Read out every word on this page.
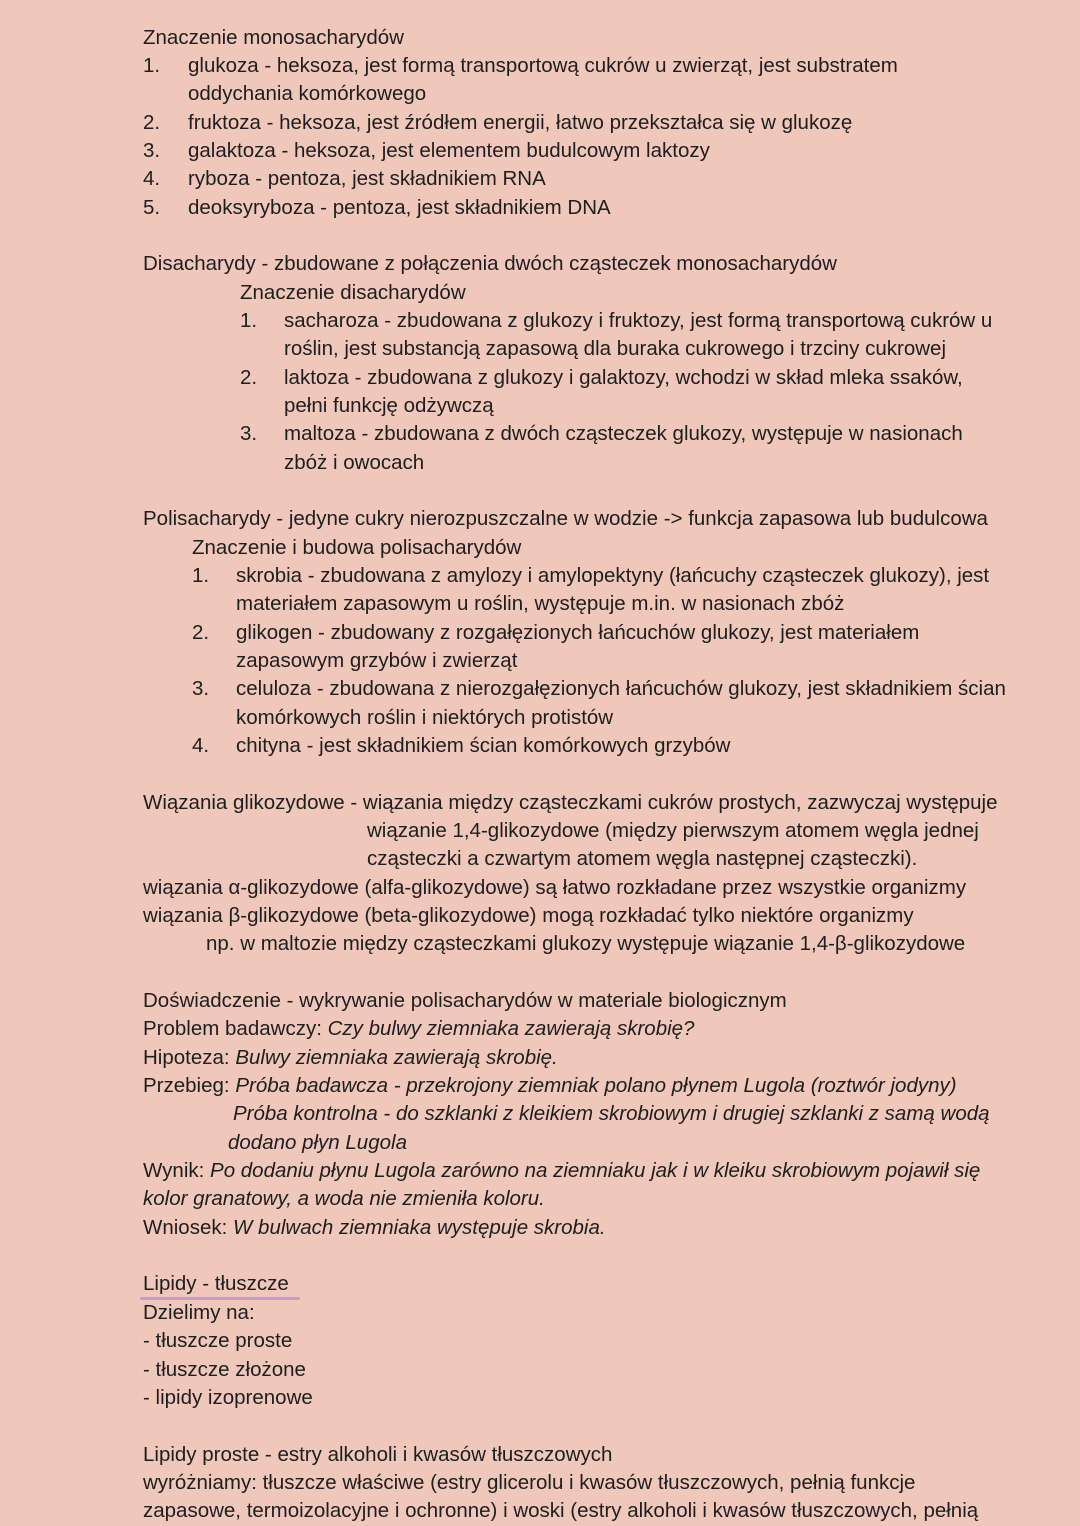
Znaczenie monosacharydów
1. glukoza - heksoza, jest formą transportową cukrów u zwierząt, jest substratem
oddychania komórkowego
2. fruktoza - heksoza, jest źródłem energii, łatwo przekształca się w glukozę
3. galaktoza - heksoza, jest elementem budulcowym laktozy
4. ryboza - pentoza, jest składnikiem RNA
5. deoksyryboza - pentoza, jest składnikiem DNA
Disacharydy - zbudowane z połączenia dwóch cząsteczek monosacharydów
Znaczenie disacharydów
1. sacharoza - zbudowana z glukozy i fruktozy, jest formą transportową cukrów u
roślin, jest substancją zapasową dla buraka cukrowego i trzciny cukrowej
2. laktoza - zbudowana z glukozy i galaktozy, wchodzi w skład mleka ssaków,
pełni funkcję odżywczą
3. maltoza - zbudowana z dwóch cząsteczek glukozy, występuje w nasionach
zbóż i owocach
Polisacharydy - jedyne cukry nierozpuszczalne w wodzie -> funkcja zapasowa lub budulcowa
Znaczenie i budowa polisacharydów
1. skrobia - zbudowana z amylozy i amylopektyny (łańcuchy cząsteczek glukozy), jest
materiałem zapasowym u roślin, występuje m.in. w nasionach zbóż
2. glikogen - zbudowany z rozgałęzionych łańcuchów glukozy, jest materiałem
zapasowym grzybów i zwierząt
3. celuloza - zbudowana z nierozgałęzionych łańcuchów glukozy, jest składnikiem ścian
komórkowych roślin i niektórych protistów
4. chityna - jest składnikiem ścian komórkowych grzybów
Wiązania glikozydowe - wiązania między cząsteczkami cukrów prostych, zazwyczaj występuje
wiązanie 1,4-glikozydowe (między pierwszym atomem węgla jednej
cząsteczki a czwartym atomem węgla następnej cząsteczki).
wiązania α-glikozydowe (alfa-glikozydowe) są łatwo rozkładane przez wszystkie organizmy
wiązania β-glikozydowe (beta-glikozydowe) mogą rozkładać tylko niektóre organizmy
np. w maltozie między cząsteczkami glukozy występuje wiązanie 1,4-β-glikozydowe
Doświadczenie - wykrywanie polisacharydów w materiale biologicznym
Problem badawczy: Czy bulwy ziemniaka zawierają skrobię?
Hipoteza: Bulwy ziemniaka zawierają skrobię.
Przebieg: Próba badawcza - przekrojony ziemniak polano płynem Lugola (roztwór jodyny)
Próba kontrolna - do szklanki z kleikiem skrobiowym i drugiej szklanki z samą wodą
dodano płyn Lugola
Wynik: Po dodaniu płynu Lugola zarówno na ziemniaku jak i w kleiku skrobiowym pojawił się
kolor granatowy, a woda nie zmieniła koloru.
Wniosek: W bulwach ziemniaka występuje skrobia.
Lipidy - tłuszcze
Dzielimy na:
- tłuszcze proste
- tłuszcze złożone
- lipidy izoprenowe
Lipidy proste - estry alkoholi i kwasów tłuszczowych
wyróżniamy: tłuszcze właściwe (estry glicerolu i kwasów tłuszczowych, pełnią funkcje
zapasowe, termoizolacyjne i ochronne) i woski (estry alkoholi i kwasów tłuszczowych, pełnią
